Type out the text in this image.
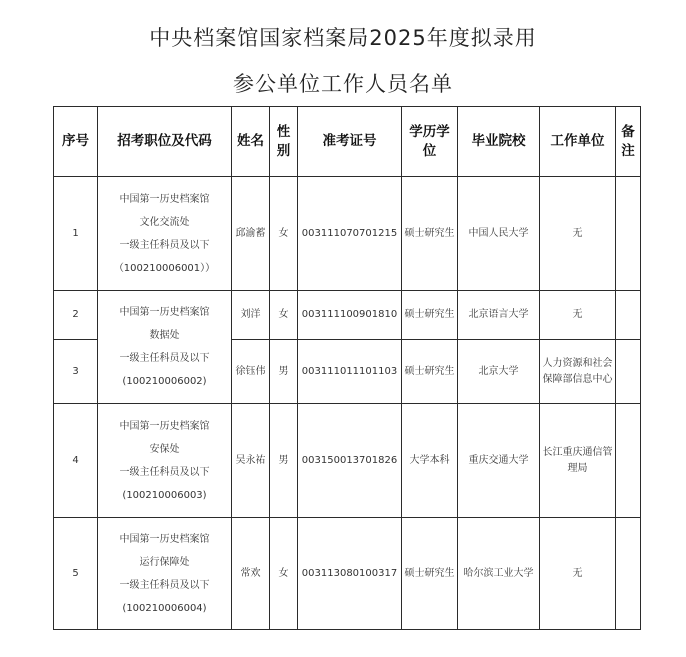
中央档案馆国家档案局2025年度拟录用
参公单位工作人员名单
序号	招考职位及代码	姓名	性别	准考证号	学历学位	毕业院校	工作单位	备注
1	中国第一历史档案馆
文化交流处
一级主任科员及以下
（100210006001））	邱渝蓄	女	003111070701215	硕士研究生	中国人民大学	无	
2	中国第一历史档案馆
数据处
一级主任科员及以下
(100210006002)	刘洋	女	003111100901810	硕士研究生	北京语言大学	无	
3		徐钰伟	男	003111011101103	硕士研究生	北京大学	人力资源和社会保障部信息中心	
4	中国第一历史档案馆
安保处
一级主任科员及以下
(100210006003)	吴永祐	男	003150013701826	大学本科	重庆交通大学	长江重庆通信管理局	
5	中国第一历史档案馆
运行保障处
一级主任科员及以下
(100210006004)	常欢	女	003113080100317	硕士研究生	哈尔滨工业大学	无	
